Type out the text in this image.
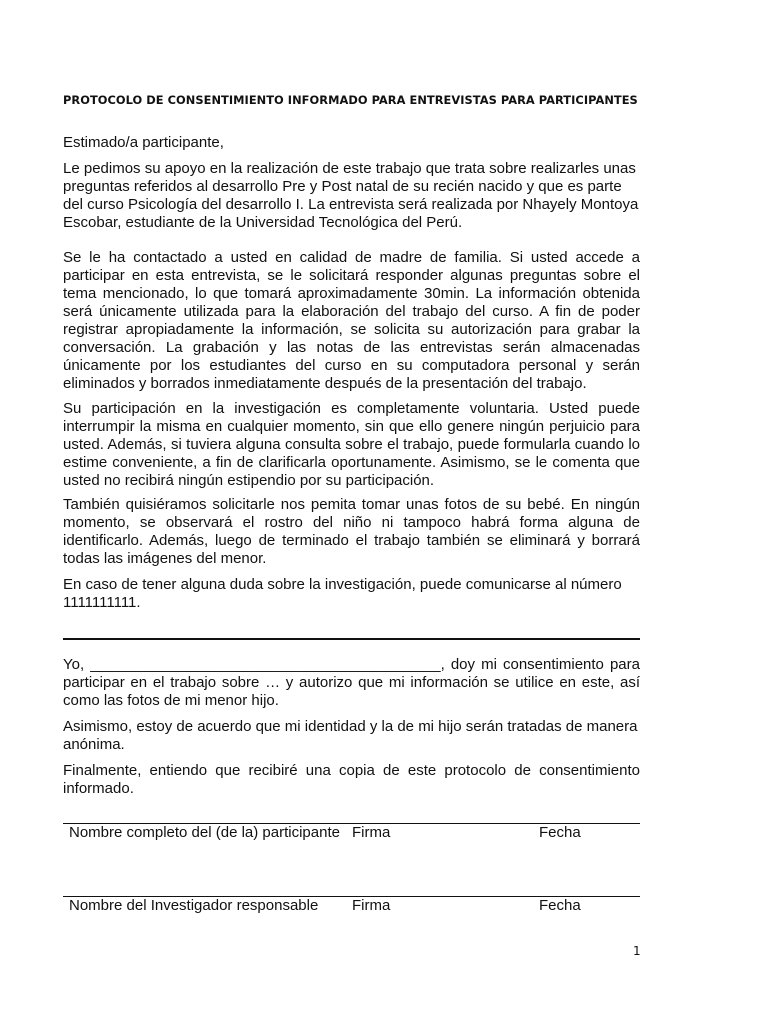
PROTOCOLO DE CONSENTIMIENTO INFORMADO PARA ENTREVISTAS PARA PARTICIPANTES
Estimado/a participante,
Le pedimos su apoyo en la realización de este trabajo que trata sobre realizarles unas preguntas referidos al desarrollo Pre y Post natal de su recién nacido y que es parte del curso Psicología del desarrollo I. La entrevista será realizada por Nhayely Montoya Escobar, estudiante de la Universidad Tecnológica del Perú.
Se le ha contactado a usted en calidad de madre de familia. Si usted accede a participar en esta entrevista, se le solicitará responder algunas preguntas sobre el tema mencionado, lo que tomará aproximadamente 30min. La información obtenida será únicamente utilizada para la elaboración del trabajo del curso. A fin de poder registrar apropiadamente la información, se solicita su autorización para grabar la conversación. La grabación y las notas de las entrevistas serán almacenadas únicamente por los estudiantes del curso en su computadora personal y serán eliminados y borrados inmediatamente después de la presentación del trabajo.
Su participación en la investigación es completamente voluntaria. Usted puede interrumpir la misma en cualquier momento, sin que ello genere ningún perjuicio para usted. Además, si tuviera alguna consulta sobre el trabajo, puede formularla cuando lo estime conveniente, a fin de clarificarla oportunamente. Asimismo, se le comenta que usted no recibirá ningún estipendio por su participación.
También quisiéramos solicitarle nos pemita tomar unas fotos de su bebé. En ningún momento, se observará el rostro del niño ni tampoco habrá forma alguna de identificarlo. Además, luego de terminado el trabajo también se eliminará y borrará todas las imágenes del menor.
En caso de tener alguna duda sobre la investigación, puede comunicarse al número 1111111111.
Yo, __________________________________________, doy mi consentimiento para participar en el trabajo sobre … y autorizo que mi información se utilice en este, así como las fotos de mi menor hijo.
Asimismo, estoy de acuerdo que mi identidad y la de mi hijo serán tratadas de manera anónima.
Finalmente, entiendo que recibiré una copia de este protocolo de consentimiento informado.
Nombre completo del (de la) participante Firma	Fecha
Nombre del Investigador responsable Firma	Fecha
1
